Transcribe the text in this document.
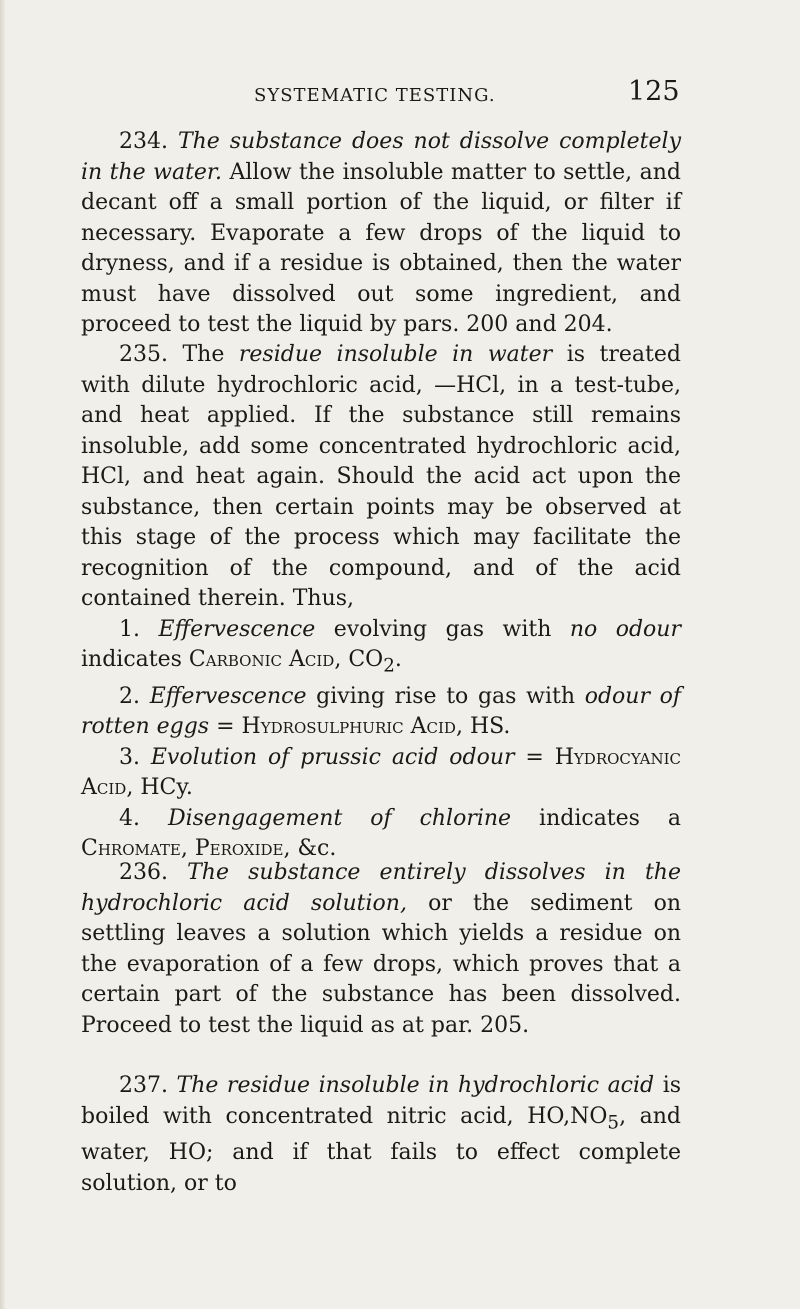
SYSTEMATIC TESTING.	125

234. The substance does not dissolve completely in the water. Allow the insoluble matter to settle, and decant off a small portion of the liquid, or filter if necessary. Evaporate a few drops of the liquid to dryness, and if a residue is obtained, then the water must have dissolved out some ingredient, and proceed to test the liquid by pars. 200 and 204.

235. The residue insoluble in water is treated with dilute hydrochloric acid, —HCl, in a test-tube, and heat applied. If the substance still remains insoluble, add some concentrated hydrochloric acid, HCl, and heat again. Should the acid act upon the substance, then certain points may be observed at this stage of the process which may facilitate the recognition of the compound, and of the acid contained therein. Thus,

1. Effervescence evolving gas with no odour indicates Carbonic Acid, $CO_2$.

2. Effervescence giving rise to gas with odour of rotten eggs = Hydrosulphuric Acid, HS.

3. Evolution of prussic acid odour = Hydrocyanic Acid, HCy.

4. Disengagement of chlorine indicates a Chromate, Peroxide, &c.

236. The substance entirely dissolves in the hydrochloric acid solution, or the sediment on settling leaves a solution which yields a residue on the evaporation of a few drops, which proves that a certain part of the substance has been dissolved. Proceed to test the liquid as at par. 205.

237. The residue insoluble in hydrochloric acid is boiled with concentrated nitric acid, $HO,NO_5$, and water, HO; and if that fails to effect complete solution, or to
